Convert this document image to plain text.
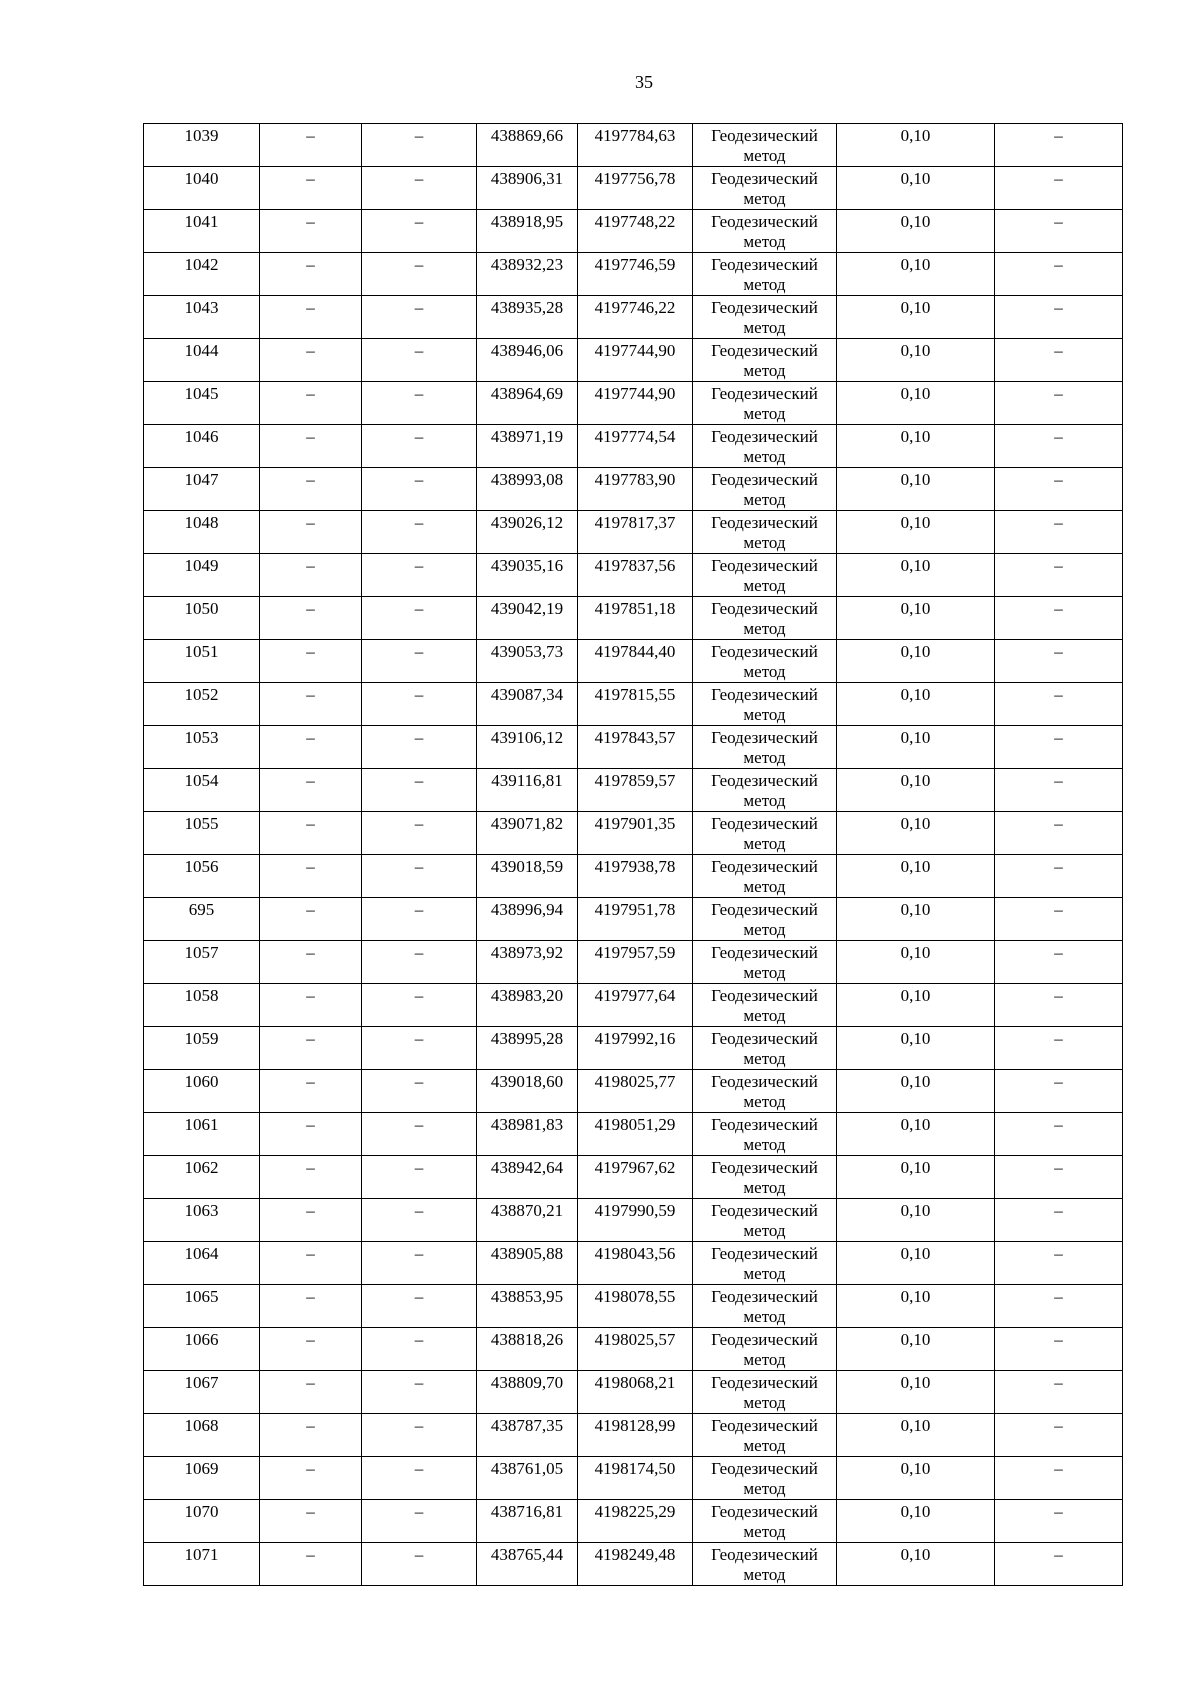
35
1039	–	–	438869,66	4197784,63	Геодезический метод	0,10	–

1040	–	–	438906,31	4197756,78	Геодезический метод	0,10	–

1041	–	–	438918,95	4197748,22	Геодезический метод	0,10	–

1042	–	–	438932,23	4197746,59	Геодезический метод	0,10	–

1043	–	–	438935,28	4197746,22	Геодезический метод	0,10	–

1044	–	–	438946,06	4197744,90	Геодезический метод	0,10	–

1045	–	–	438964,69	4197744,90	Геодезический метод	0,10	–

1046	–	–	438971,19	4197774,54	Геодезический метод	0,10	–

1047	–	–	438993,08	4197783,90	Геодезический метод	0,10	–

1048	–	–	439026,12	4197817,37	Геодезический метод	0,10	–

1049	–	–	439035,16	4197837,56	Геодезический метод	0,10	–

1050	–	–	439042,19	4197851,18	Геодезический метод	0,10	–

1051	–	–	439053,73	4197844,40	Геодезический метод	0,10	–

1052	–	–	439087,34	4197815,55	Геодезический метод	0,10	–

1053	–	–	439106,12	4197843,57	Геодезический метод	0,10	–

1054	–	–	439116,81	4197859,57	Геодезический метод	0,10	–

1055	–	–	439071,82	4197901,35	Геодезический метод	0,10	–

1056	–	–	439018,59	4197938,78	Геодезический метод	0,10	–

695	–	–	438996,94	4197951,78	Геодезический метод	0,10	–

1057	–	–	438973,92	4197957,59	Геодезический метод	0,10	–

1058	–	–	438983,20	4197977,64	Геодезический метод	0,10	–

1059	–	–	438995,28	4197992,16	Геодезический метод	0,10	–

1060	–	–	439018,60	4198025,77	Геодезический метод	0,10	–

1061	–	–	438981,83	4198051,29	Геодезический метод	0,10	–

1062	–	–	438942,64	4197967,62	Геодезический метод	0,10	–

1063	–	–	438870,21	4197990,59	Геодезический метод	0,10	–

1064	–	–	438905,88	4198043,56	Геодезический метод	0,10	–

1065	–	–	438853,95	4198078,55	Геодезический метод	0,10	–

1066	–	–	438818,26	4198025,57	Геодезический метод	0,10	–

1067	–	–	438809,70	4198068,21	Геодезический метод	0,10	–

1068	–	–	438787,35	4198128,99	Геодезический метод	0,10	–

1069	–	–	438761,05	4198174,50	Геодезический метод	0,10	–

1070	–	–	438716,81	4198225,29	Геодезический метод	0,10	–

1071	–	–	438765,44	4198249,48	Геодезический метод	0,10	–
